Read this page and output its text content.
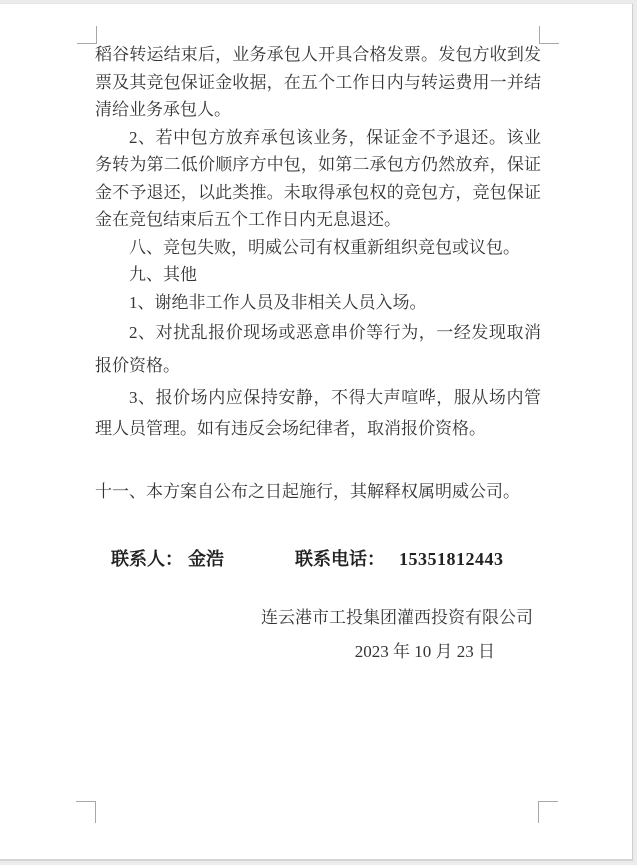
稻谷转运结束后，业务承包人开具合格发票。发包方收到发票及其竞包保证金收据，在五个工作日内与转运费用一并结清给业务承包人。

2、若中包方放弃承包该业务，保证金不予退还。该业务转为第二低价顺序方中包，如第二承包方仍然放弃，保证金不予退还，以此类推。未取得承包权的竞包方，竞包保证金在竞包结束后五个工作日内无息退还。

八、竞包失败，明威公司有权重新组织竞包或议包。

九、其他

1、谢绝非工作人员及非相关人员入场。

2、对扰乱报价现场或恶意串价等行为，一经发现取消报价资格。

3、报价场内应保持安静，不得大声喧哗，服从场内管理人员管理。如有违反会场纪律者，取消报价资格。

十一、本方案自公布之日起施行，其解释权属明威公司。

联系人： 金浩	联系电话： 15351812443

连云港市工投集团灌西投资有限公司

2023 年 10 月 23 日
